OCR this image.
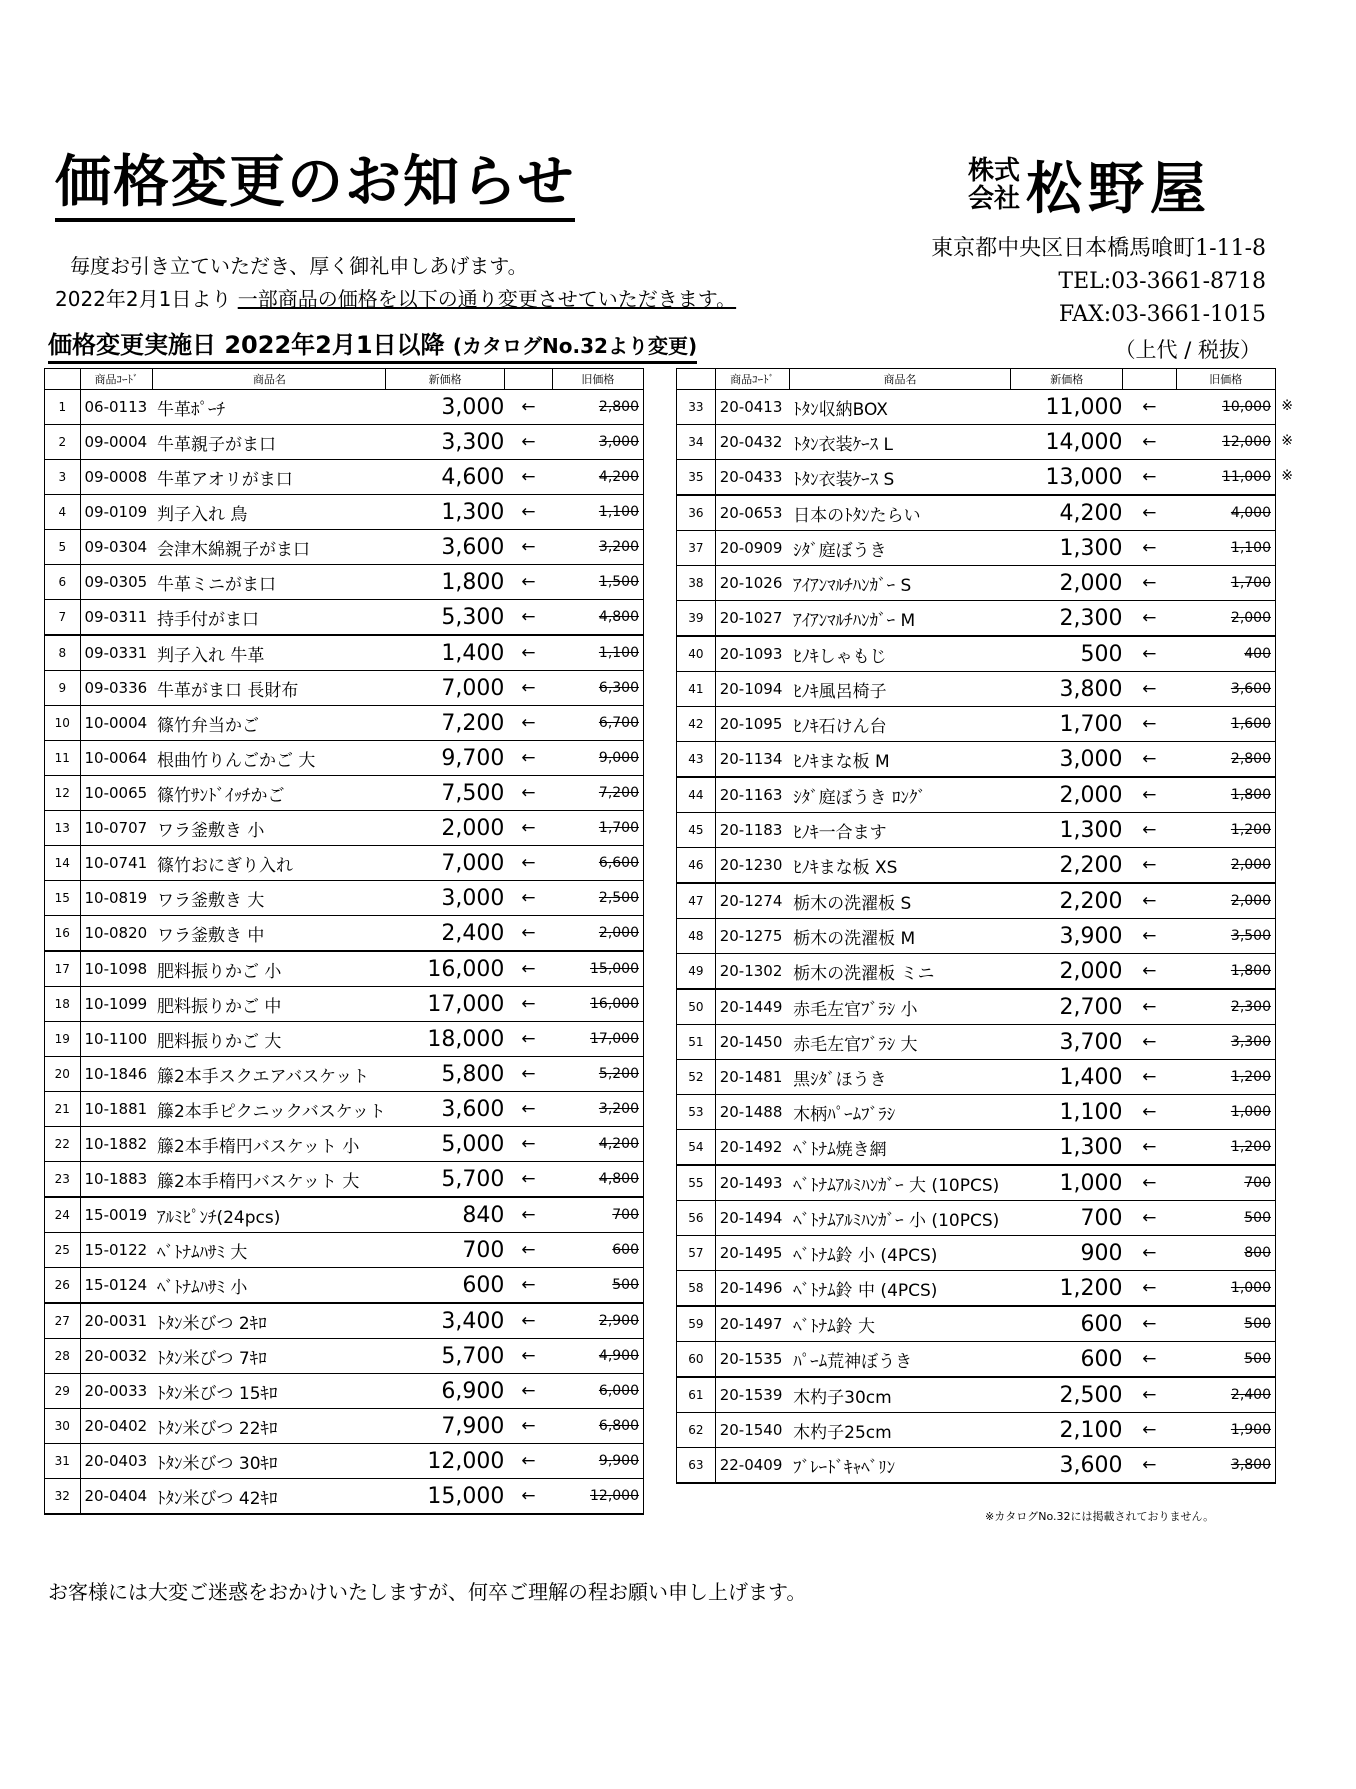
価格変更のお知らせ	株式
会社 松野屋
東京都中央区日本橋馬喰町1-11-8
TEL:03-3661-8718
FAX:03-3661-1015
毎度お引き立ていただき、厚く御礼申しあげます。
2022年2月1日より 一部商品の価格を以下の通り変更させていただきます。
価格変更実施日 2022年2月1日以降 (カタログNo.32より変更)	（上代 / 税抜）
	商品ｺｰﾄﾞ	商品名	新価格		旧価格
1	06-0113	牛革ﾎﾟｰﾁ	3,000	←	2,800
2	09-0004	牛革親子がま口	3,300	←	3,000
3	09-0008	牛革アオリがま口	4,600	←	4,200
4	09-0109	判子入れ 鳥	1,300	←	1,100
5	09-0304	会津木綿親子がま口	3,600	←	3,200
6	09-0305	牛革ミニがま口	1,800	←	1,500
7	09-0311	持手付がま口	5,300	←	4,800
8	09-0331	判子入れ 牛革	1,400	←	1,100
9	09-0336	牛革がま口 長財布	7,000	←	6,300
10	10-0004	篠竹弁当かご	7,200	←	6,700
11	10-0064	根曲竹りんごかご 大	9,700	←	9,000
12	10-0065	篠竹ｻﾝﾄﾞｲｯﾁかご	7,500	←	7,200
13	10-0707	ワラ釜敷き 小	2,000	←	1,700
14	10-0741	篠竹おにぎり入れ	7,000	←	6,600
15	10-0819	ワラ釜敷き 大	3,000	←	2,500
16	10-0820	ワラ釜敷き 中	2,400	←	2,000
17	10-1098	肥料振りかご 小	16,000	←	15,000
18	10-1099	肥料振りかご 中	17,000	←	16,000
19	10-1100	肥料振りかご 大	18,000	←	17,000
20	10-1846	籐2本手スクエアバスケット	5,800	←	5,200
21	10-1881	籐2本手ピクニックバスケット	3,600	←	3,200
22	10-1882	籐2本手楕円バスケット 小	5,000	←	4,200
23	10-1883	籐2本手楕円バスケット 大	5,700	←	4,800
24	15-0019	ｱﾙﾐﾋﾟﾝﾁ(24pcs)	840	←	700
25	15-0122	ﾍﾞﾄﾅﾑﾊｻﾐ 大	700	←	600
26	15-0124	ﾍﾞﾄﾅﾑﾊｻﾐ 小	600	←	500
27	20-0031	ﾄﾀﾝ米びつ 2ｷﾛ	3,400	←	2,900
28	20-0032	ﾄﾀﾝ米びつ 7ｷﾛ	5,700	←	4,900
29	20-0033	ﾄﾀﾝ米びつ 15ｷﾛ	6,900	←	6,000
30	20-0402	ﾄﾀﾝ米びつ 22ｷﾛ	7,900	←	6,800
31	20-0403	ﾄﾀﾝ米びつ 30ｷﾛ	12,000	←	9,900
32	20-0404	ﾄﾀﾝ米びつ 42ｷﾛ	15,000	←	12,000
	商品ｺｰﾄﾞ	商品名	新価格		旧価格
33	20-0413	ﾄﾀﾝ収納BOX	11,000	←	10,000 ※

34	20-0432	ﾄﾀﾝ衣装ｹｰｽ L	14,000	←	12,000 ※

35	20-0433	ﾄﾀﾝ衣装ｹｰｽ S	13,000	←	11,000 ※

36	20-0653	日本のﾄﾀﾝたらい	4,200	←	4,000
37	20-0909	ｼﾀﾞ庭ぼうき	1,300	←	1,100
38	20-1026	ｱｲｱﾝﾏﾙﾁﾊﾝｶﾞｰ S	2,000	←	1,700
39	20-1027	ｱｲｱﾝﾏﾙﾁﾊﾝｶﾞｰ M	2,300	←	2,000
40	20-1093	ﾋﾉｷしゃもじ	500	←	400
41	20-1094	ﾋﾉｷ風呂椅子	3,800	←	3,600
42	20-1095	ﾋﾉｷ石けん台	1,700	←	1,600
43	20-1134	ﾋﾉｷまな板 M	3,000	←	2,800
44	20-1163	ｼﾀﾞ庭ぼうき ﾛﾝｸﾞ	2,000	←	1,800
45	20-1183	ﾋﾉｷ一合ます	1,300	←	1,200
46	20-1230	ﾋﾉｷまな板 XS	2,200	←	2,000
47	20-1274	栃木の洗濯板 S	2,200	←	2,000
48	20-1275	栃木の洗濯板 M	3,900	←	3,500
49	20-1302	栃木の洗濯板 ミニ	2,000	←	1,800
50	20-1449	赤毛左官ﾌﾞﾗｼ 小	2,700	←	2,300
51	20-1450	赤毛左官ﾌﾞﾗｼ 大	3,700	←	3,300
52	20-1481	黒ｼﾀﾞほうき	1,400	←	1,200
53	20-1488	木柄ﾊﾟｰﾑﾌﾞﾗｼ	1,100	←	1,000
54	20-1492	ﾍﾞﾄﾅﾑ焼き網	1,300	←	1,200
55	20-1493	ﾍﾞﾄﾅﾑｱﾙﾐﾊﾝｶﾞｰ 大 (10PCS)	1,000	←	700
56	20-1494	ﾍﾞﾄﾅﾑｱﾙﾐﾊﾝｶﾞｰ 小 (10PCS)	700	←	500
57	20-1495	ﾍﾞﾄﾅﾑ鈴 小 (4PCS)	900	←	800
58	20-1496	ﾍﾞﾄﾅﾑ鈴 中 (4PCS)	1,200	←	1,000
59	20-1497	ﾍﾞﾄﾅﾑ鈴 大	600	←	500
60	20-1535	ﾊﾟｰﾑ荒神ぼうき	600	←	500
61	20-1539	木杓子30cm	2,500	←	2,400
62	20-1540	木杓子25cm	2,100	←	1,900
63	22-0409	ﾌﾞﾚｰﾄﾞｷｬﾍﾞﾘﾝ	3,600	←	3,800
※カタログNo.32には掲載されておりません。
お客様には大変ご迷惑をおかけいたしますが、何卒ご理解の程お願い申し上げます。
